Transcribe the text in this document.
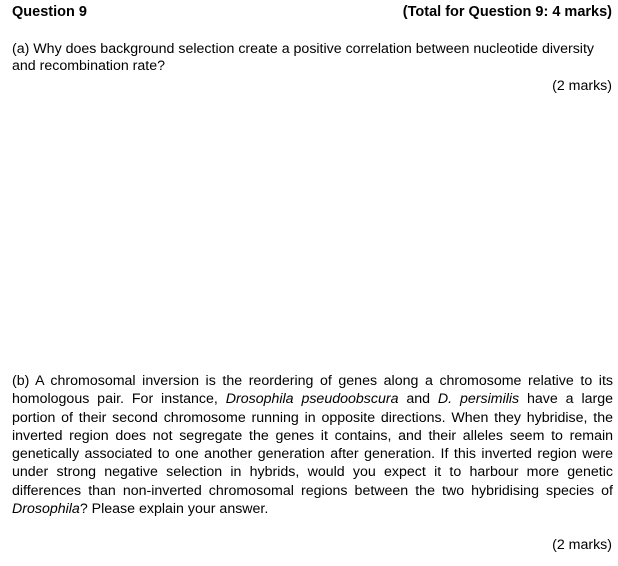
Question 9	(Total for Question 9: 4 marks)
(a) Why does background selection create a positive correlation between nucleotide diversity and recombination rate?
(2 marks)
(b) A chromosomal inversion is the reordering of genes along a chromosome relative to its homologous pair. For instance, Drosophila pseudoobscura and D. persimilis have a large portion of their second chromosome running in opposite directions. When they hybridise, the inverted region does not segregate the genes it contains, and their alleles seem to remain genetically associated to one another generation after generation. If this inverted region were under strong negative selection in hybrids, would you expect it to harbour more genetic differences than non-inverted chromosomal regions between the two hybridising species of Drosophila? Please explain your answer.
(2 marks)
